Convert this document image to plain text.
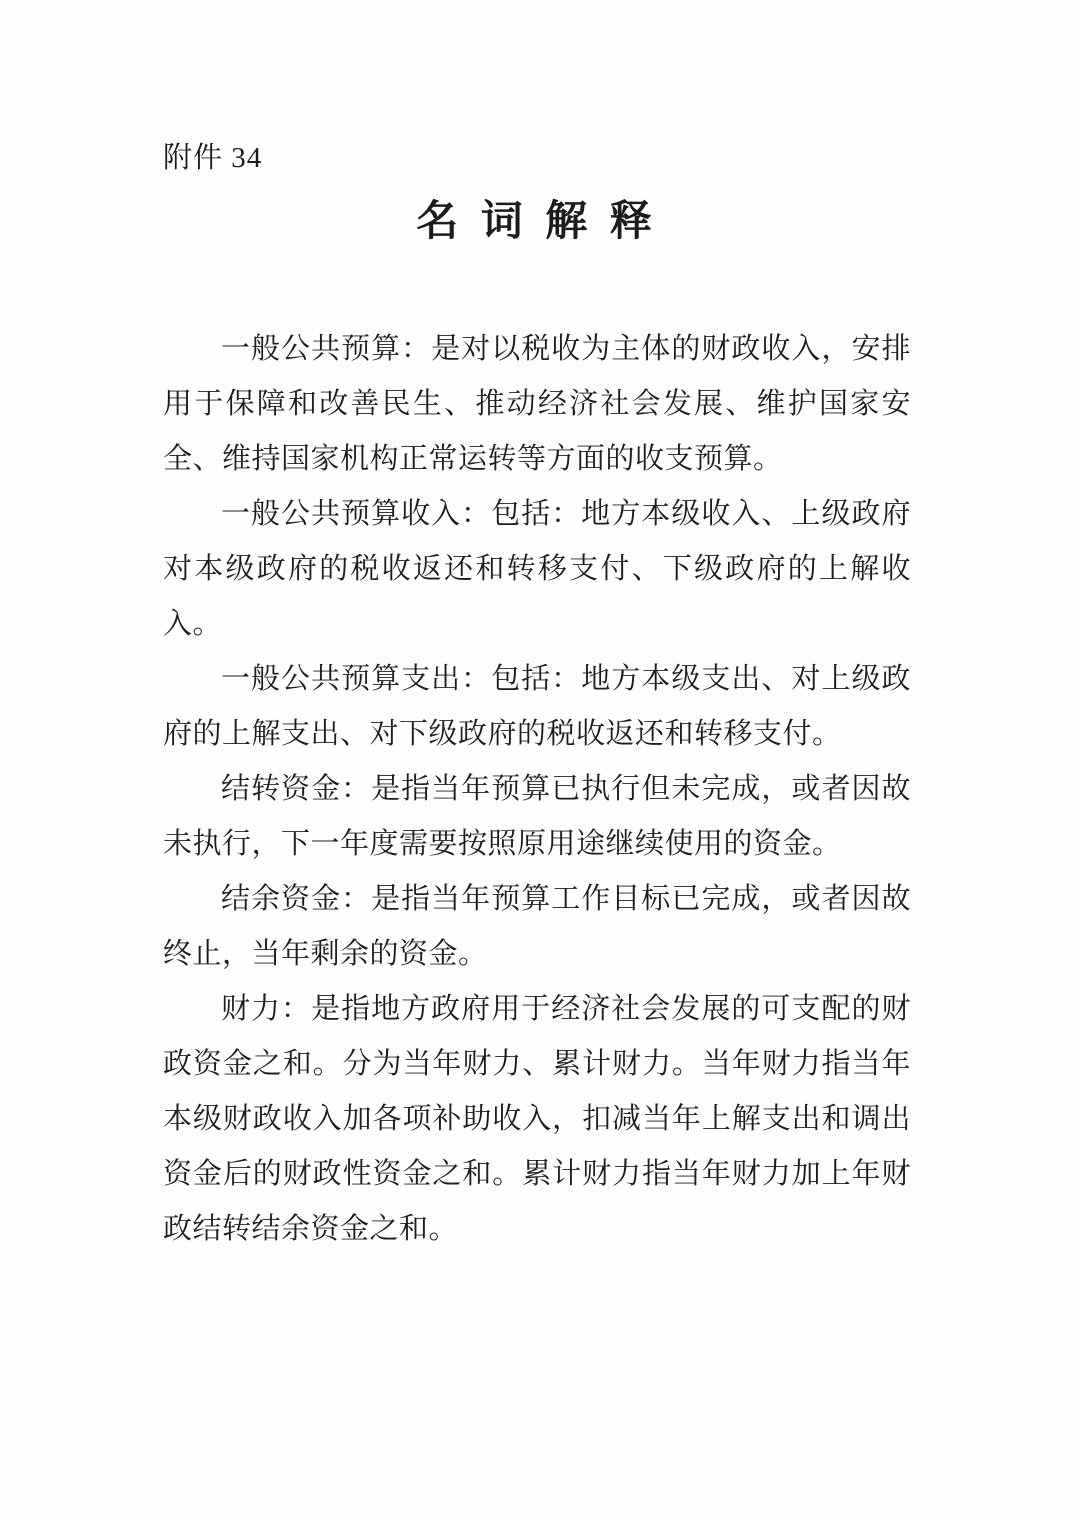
附件 34
名 词 解 释

一般公共预算：是对以税收为主体的财政收入，安排用于保障和改善民生、推动经济社会发展、维护国家安全、维持国家机构正常运转等方面的收支预算。

一般公共预算收入：包括：地方本级收入、上级政府对本级政府的税收返还和转移支付、下级政府的上解收入。

一般公共预算支出：包括：地方本级支出、对上级政府的上解支出、对下级政府的税收返还和转移支付。

结转资金：是指当年预算已执行但未完成，或者因故未执行，下一年度需要按照原用途继续使用的资金。

结余资金：是指当年预算工作目标已完成，或者因故终止，当年剩余的资金。

财力：是指地方政府用于经济社会发展的可支配的财政资金之和。分为当年财力、累计财力。当年财力指当年本级财政收入加各项补助收入，扣减当年上解支出和调出资金后的财政性资金之和。累计财力指当年财力加上年财政结转结余资金之和。
